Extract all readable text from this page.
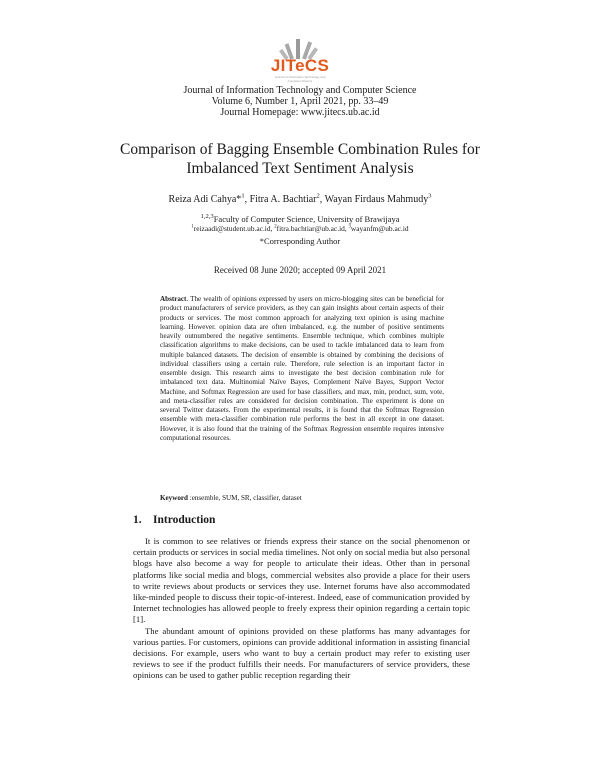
JITeCS
Journal of Information Technology and Computer Science
Journal of Information Technology and Computer Science
Volume 6, Number 1, April 2021, pp. 33–49
Journal Homepage: www.jitecs.ub.ac.id
Comparison of Bagging Ensemble Combination Rules for
Imbalanced Text Sentiment Analysis
Reiza Adi Cahya*$^1$, Fitra A. Bachtiar$^2$, Wayan Firdaus Mahmudy$^3$
$^{1,2,3}$Faculty of Computer Science, University of Brawijaya
$^1$reizaadi@student.ub.ac.id, $^2$fitra.bachtiar@ub.ac.id, $^3$wayanfm@ub.ac.id
*Corresponding Author
Received 08 June 2020; accepted 09 April 2021
Abstract. The wealth of opinions expressed by users on micro-blogging sites can be beneficial for product manufacturers of service providers, as they can gain insights about certain aspects of their products or services. The most common approach for analyzing text opinion is using machine learning. However. opinion data are often imbalanced, e.g. the number of positive sentiments heavily outnumbered the negative sentiments. Ensemble technique, which combines multiple classification algorithms to make decisions, can be used to tackle imbalanced data to learn from multiple balanced datasets. The decision of ensemble is obtained by combining the decisions of individual classifiers using a certain rule. Therefore, rule selection is an important factor in ensemble design. This research aims to investigate the best decision combination rule for imbalanced text data. Multinomial Naïve Bayes, Complement Naïve Bayes, Support Vector Machine, and Softmax Regression are used for base classifiers, and max, min, product, sum, vote, and meta-classifier rules are considered for decision combination. The experiment is done on several Twitter datasets. From the experimental results, it is found that the Softmax Regression ensemble with meta-classifier combination rule performs the best in all except in one dataset. However, it is also found that the training of the Softmax Regression ensemble requires intensive computational resources.
Keyword :ensemble, SUM, SR, classifier, dataset
1. Introduction

It is common to see relatives or friends express their stance on the social phenomenon or certain products or services in social media timelines. Not only on social media but also personal blogs have also become a way for people to articulate their ideas. Other than in personal platforms like social media and blogs, commercial websites also provide a place for their users to write reviews about products or services they use. Internet forums have also accommodated like-minded people to discuss their topic-of-interest. Indeed, ease of communication provided by Internet technologies has allowed people to freely express their opinion regarding a certain topic [1].

The abundant amount of opinions provided on these platforms has many advantages for various parties. For customers, opinions can provide additional information in assisting financial decisions. For example, users who want to buy a certain product may refer to existing user reviews to see if the product fulfills their needs. For manufacturers of service providers, these opinions can be used to gather public reception regarding their
